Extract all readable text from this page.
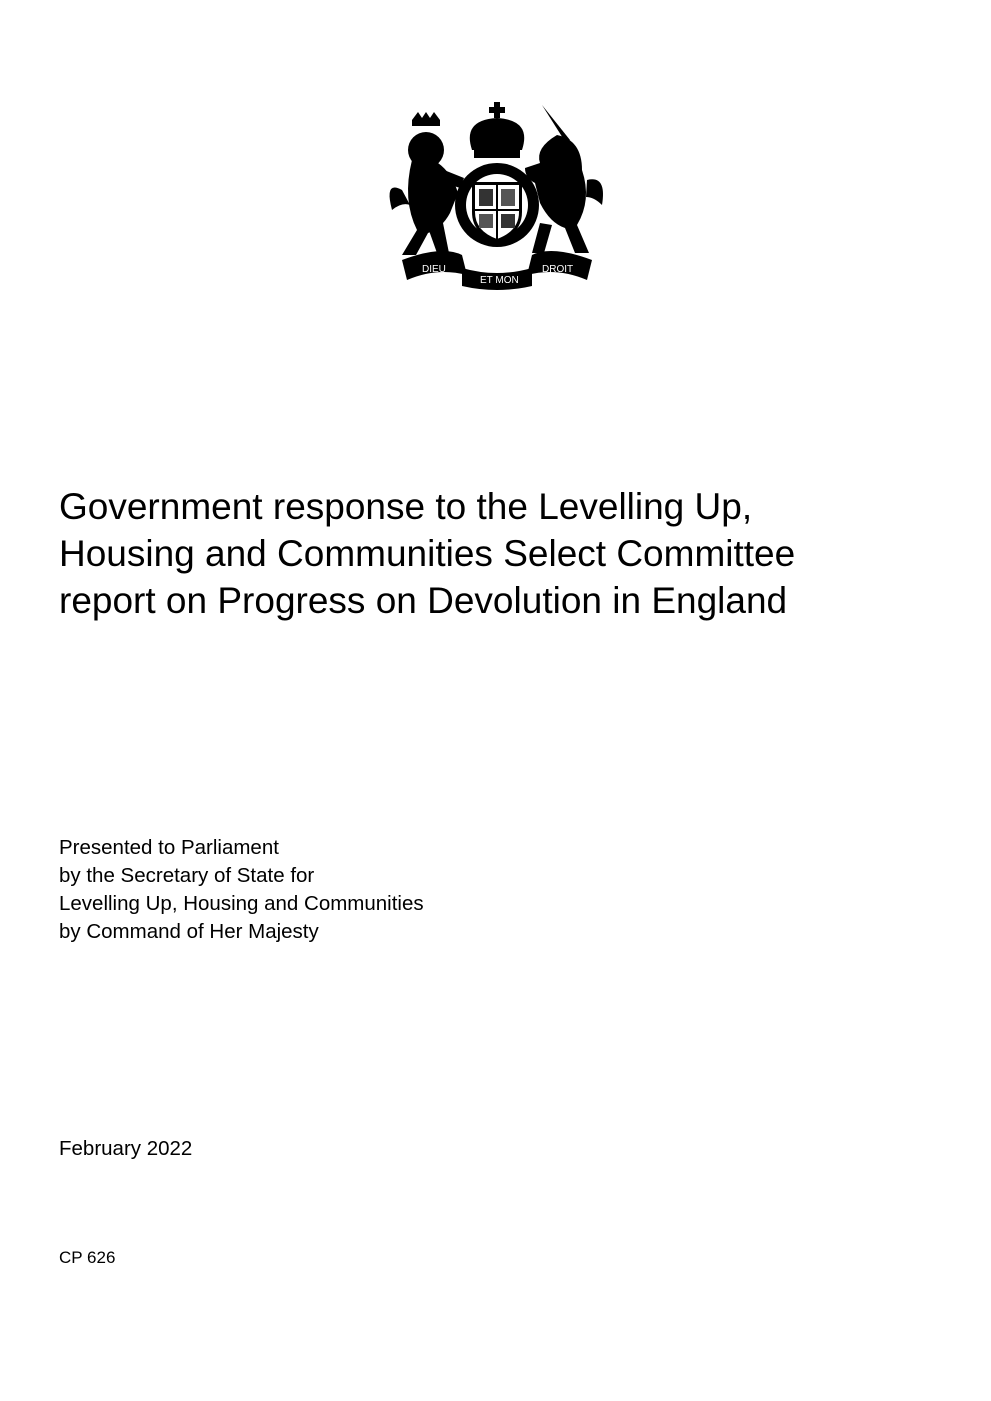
DIEU
ET MON
DROIT
Government response to the Levelling Up,
Housing and Communities Select Committee
report on Progress on Devolution in England
Presented to Parliament
by the Secretary of State for
Levelling Up, Housing and Communities
by Command of Her Majesty
February 2022
CP 626
